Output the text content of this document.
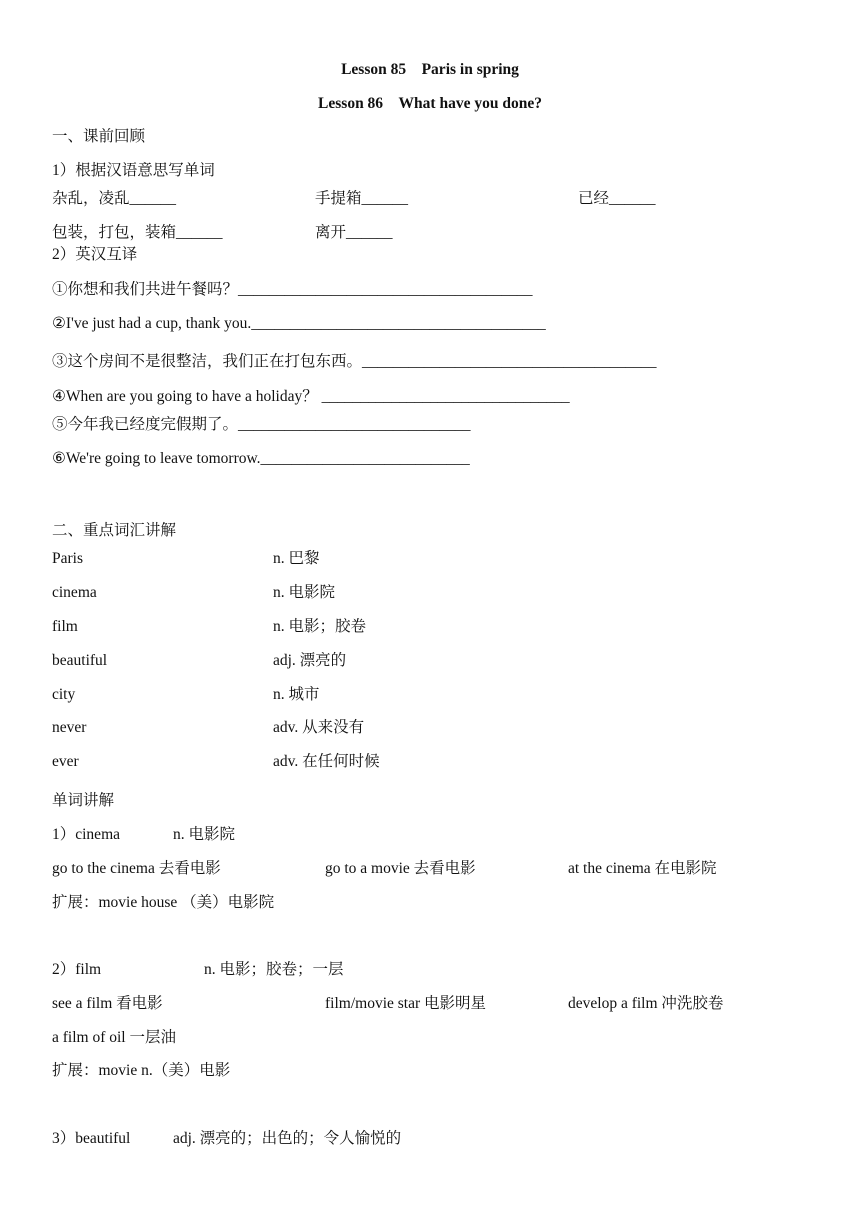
Lesson 85　Paris in spring
Lesson 86　What have you done?
一、课前回顾
1）根据汉语意思写单词
杂乱，凌乱______	手提箱______	已经______
包装，打包，装箱______	离开______
2）英汉互译
①你想和我们共进午餐吗？______________________________________
②I've just had a cup, thank you.______________________________________
③这个房间不是很整洁，我们正在打包东西。______________________________________
④When are you going to have a holiday？ ________________________________
⑤今年我已经度完假期了。______________________________
⑥We're going to leave tomorrow.___________________________
二、重点词汇讲解
Paris	n. 巴黎
cinema	n. 电影院
film	n. 电影；胶卷
beautiful	adj. 漂亮的
city	n. 城市
never	adv. 从来没有
ever	adv. 在任何时候
单词讲解
1）cinema	n. 电影院
go to the cinema 去看电影	go to a movie 去看电影	at the cinema 在电影院
扩展：movie house （美）电影院
2）film	n. 电影；胶卷；一层
see a film 看电影	film/movie star 电影明星	develop a film 冲洗胶卷
a film of oil 一层油
扩展：movie n.（美）电影
3）beautiful	adj. 漂亮的；出色的；令人愉悦的
